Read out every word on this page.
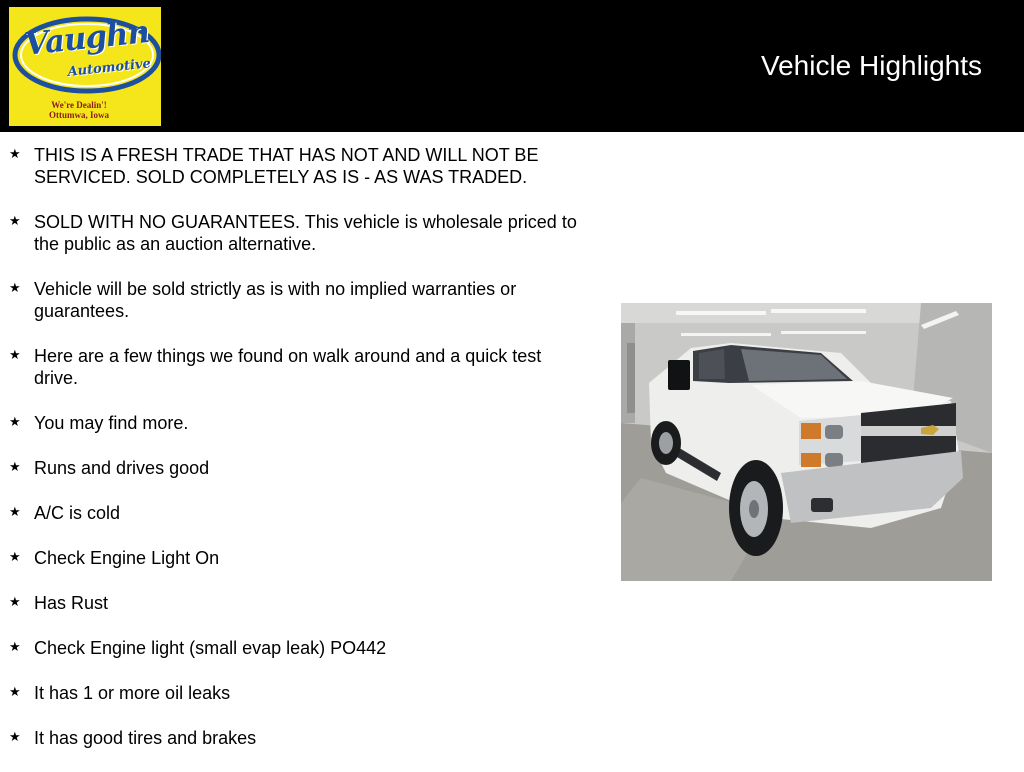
Vaughn
Automotive
We're Dealin'!
Ottumwa, Iowa
Vehicle Highlights
★ THIS IS A FRESH TRADE THAT HAS NOT AND WILL NOT BE SERVICED. SOLD COMPLETELY AS IS - AS WAS TRADED.
★ SOLD WITH NO GUARANTEES. This vehicle is wholesale priced to the public as an auction alternative.
★ Vehicle will be sold strictly as is with no implied warranties or guarantees.
★ Here are a few things we found on walk around and a quick test drive.
★ You may find more.
★ Runs and drives good
★ A/C is cold
★ Check Engine Light On
★ Has Rust
★ Check Engine light (small evap leak) PO442
★ It has 1 or more oil leaks
★ It has good tires and brakes
